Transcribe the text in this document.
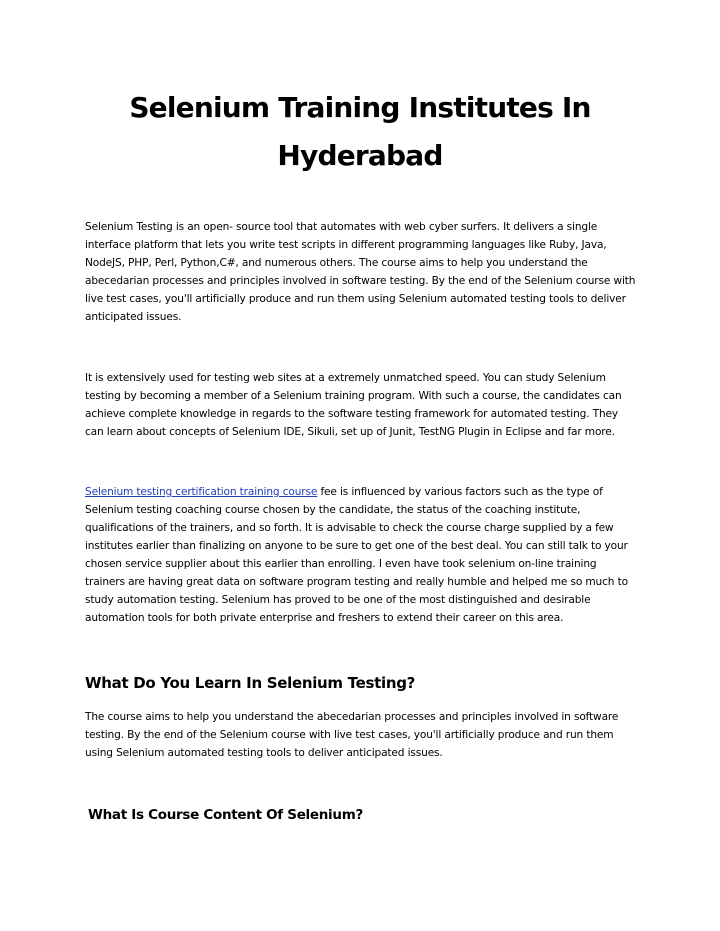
Selenium Training Institutes In
Hyderabad

Selenium Testing is an open- source tool that automates with web cyber surfers. It delivers a single interface platform that lets you write test scripts in different programming languages like Ruby, Java, NodeJS, PHP, Perl, Python,C#, and numerous others. The course aims to help you understand the abecedarian processes and principles involved in software testing. By the end of the Selenium course with live test cases, you'll artificially produce and run them using Selenium automated testing tools to deliver anticipated issues.

It is extensively used for testing web sites at a extremely unmatched speed. You can study Selenium testing by becoming a member of a Selenium training program. With such a course, the candidates can achieve complete knowledge in regards to the software testing framework for automated testing. They can learn about concepts of Selenium IDE, Sikuli, set up of Junit, TestNG Plugin in Eclipse and far more.

Selenium testing certification training course fee is influenced by various factors such as the type of Selenium testing coaching course chosen by the candidate, the status of the coaching institute, qualifications of the trainers, and so forth. It is advisable to check the course charge supplied by a few institutes earlier than finalizing on anyone to be sure to get one of the best deal. You can still talk to your chosen service supplier about this earlier than enrolling. I even have took selenium on-line training trainers are having great data on software program testing and really humble and helped me so much to study automation testing. Selenium has proved to be one of the most distinguished and desirable automation tools for both private enterprise and freshers to extend their career on this area.

What Do You Learn In Selenium Testing?

The course aims to help you understand the abecedarian processes and principles involved in software testing. By the end of the Selenium course with live test cases, you'll artificially produce and run them using Selenium automated testing tools to deliver anticipated issues.

What Is Course Content Of Selenium?
